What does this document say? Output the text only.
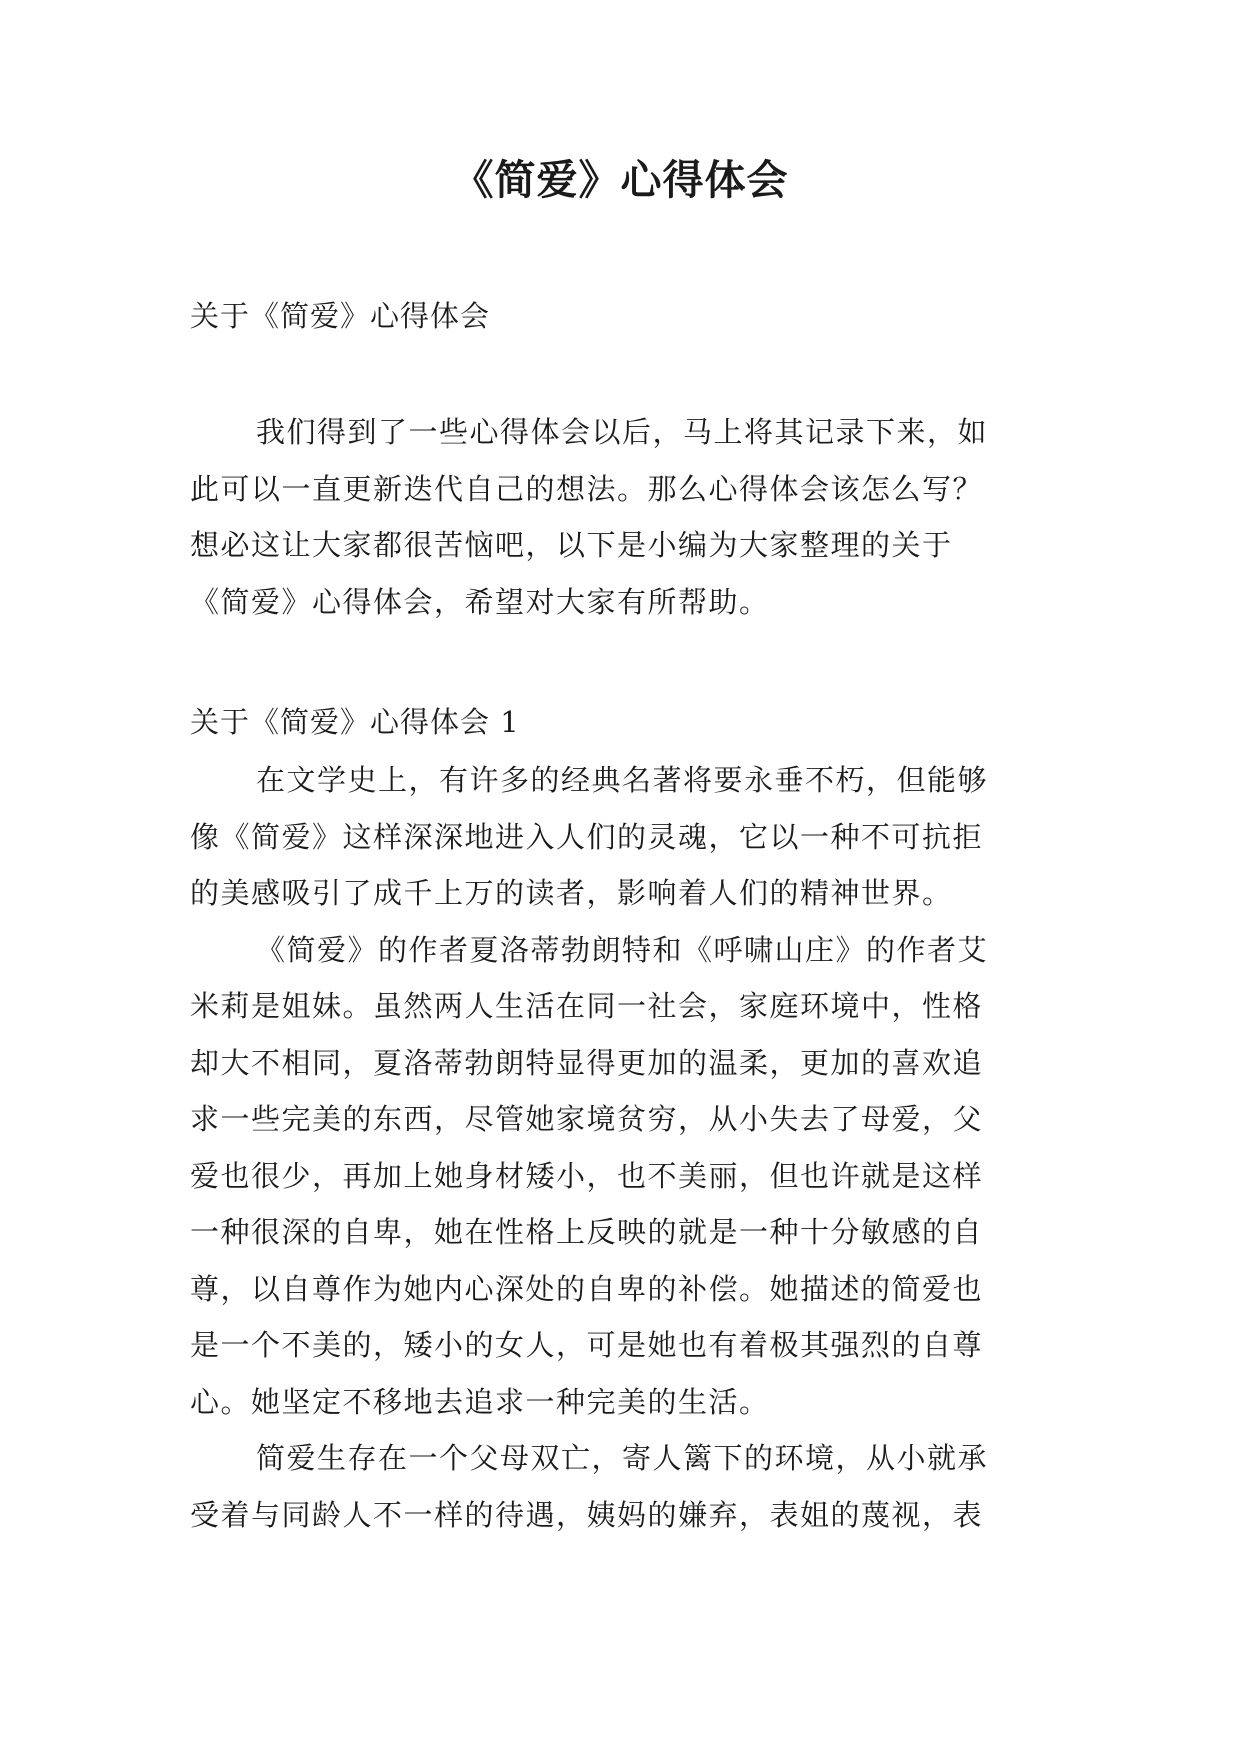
《简爱》心得体会
关于《简爱》心得体会
我们得到了一些心得体会以后，马上将其记录下来，如
此可以一直更新迭代自己的想法。那么心得体会该怎么写？
想必这让大家都很苦恼吧，以下是小编为大家整理的关于
《简爱》心得体会，希望对大家有所帮助。
关于《简爱》心得体会 1
在文学史上，有许多的经典名著将要永垂不朽，但能够
像《简爱》这样深深地进入人们的灵魂，它以一种不可抗拒
的美感吸引了成千上万的读者，影响着人们的精神世界。
《简爱》的作者夏洛蒂勃朗特和《呼啸山庄》的作者艾
米莉是姐妹。虽然两人生活在同一社会，家庭环境中，性格
却大不相同，夏洛蒂勃朗特显得更加的温柔，更加的喜欢追
求一些完美的东西，尽管她家境贫穷，从小失去了母爱，父
爱也很少，再加上她身材矮小，也不美丽，但也许就是这样
一种很深的自卑，她在性格上反映的就是一种十分敏感的自
尊，以自尊作为她内心深处的自卑的补偿。她描述的简爱也
是一个不美的，矮小的女人，可是她也有着极其强烈的自尊
心。她坚定不移地去追求一种完美的生活。
简爱生存在一个父母双亡，寄人篱下的环境，从小就承
受着与同龄人不一样的待遇，姨妈的嫌弃，表姐的蔑视，表
